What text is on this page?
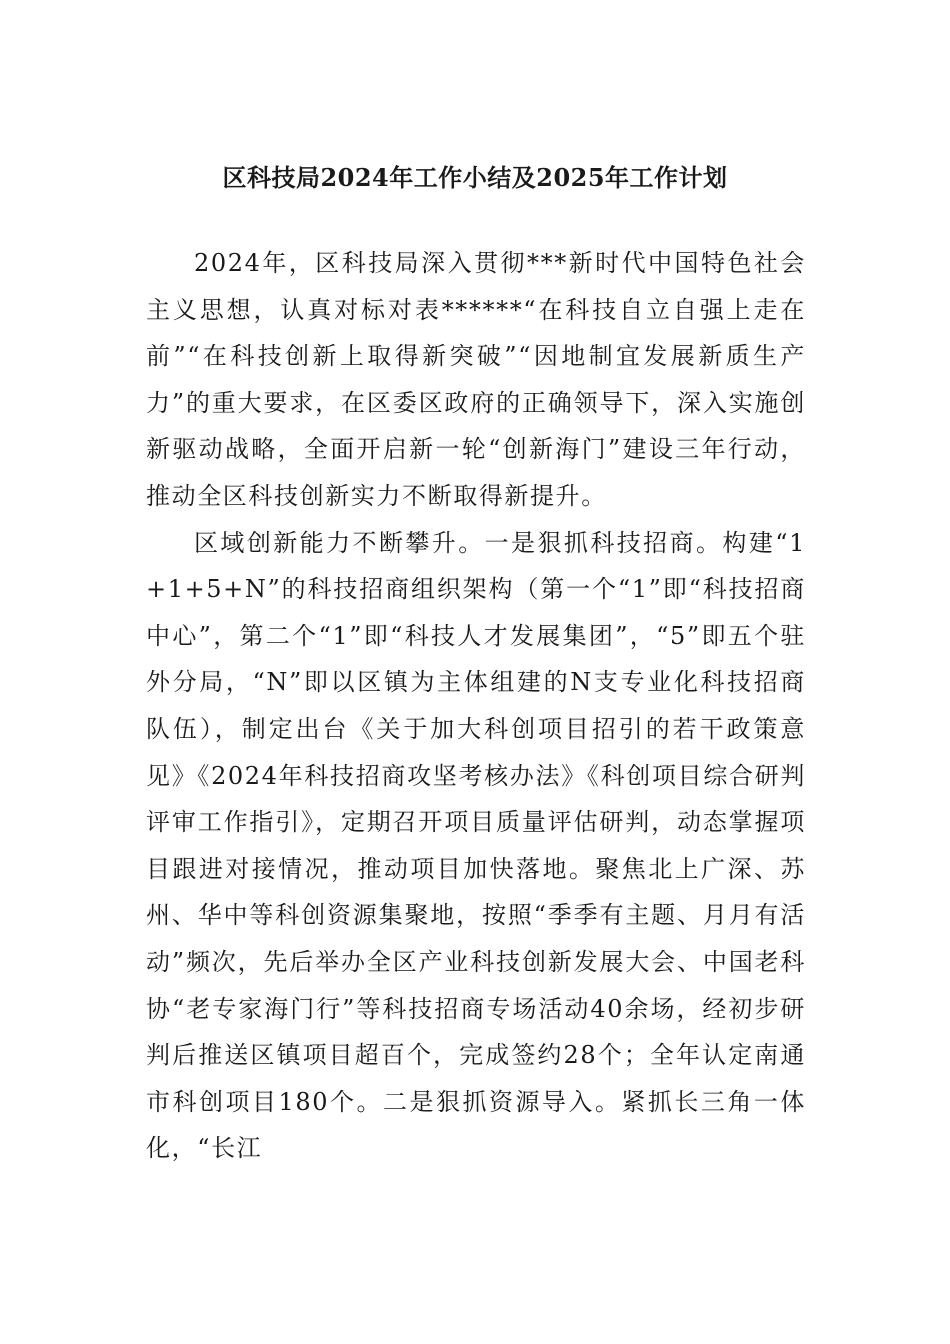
区科技局2024年工作小结及2025年工作计划

2024年，区科技局深入贯彻***新时代中国特色社会主义思想，认真对标对表******“在科技自立自强上走在前”“在科技创新上取得新突破”“因地制宜发展新质生产力”的重大要求，在区委区政府的正确领导下，深入实施创新驱动战略，全面开启新一轮“创新海门”建设三年行动，推动全区科技创新实力不断取得新提升。

区域创新能力不断攀升。一是狠抓科技招商。构建“1+1+5+N”的科技招商组织架构（第一个“1”即“科技招商中心”，第二个“1”即“科技人才发展集团”，“5”即五个驻外分局，“N”即以区镇为主体组建的N支专业化科技招商队伍），制定出台《关于加大科创项目招引的若干政策意见》《2024年科技招商攻坚考核办法》《科创项目综合研判评审工作指引》，定期召开项目质量评估研判，动态掌握项目跟进对接情况，推动项目加快落地。聚焦北上广深、苏州、华中等科创资源集聚地，按照“季季有主题、月月有活动”频次，先后举办全区产业科技创新发展大会、中国老科协“老专家海门行”等科技招商专场活动40余场，经初步研判后推送区镇项目超百个，完成签约28个；全年认定南通市科创项目180个。二是狠抓资源导入。紧抓长三角一体化，“长江
